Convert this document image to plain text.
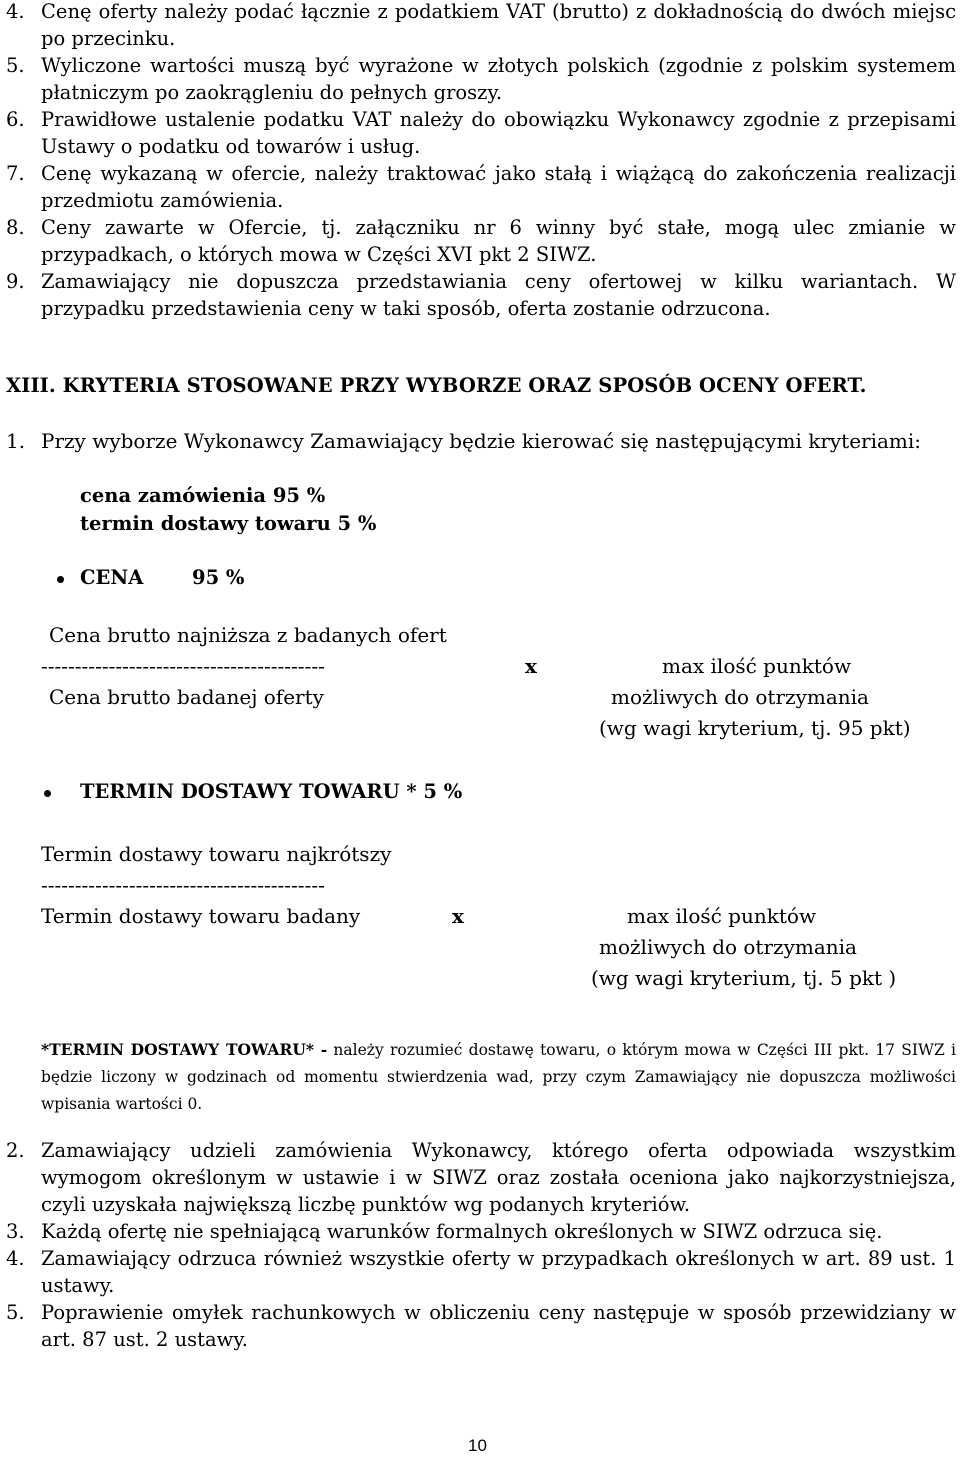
4. Cenę oferty należy podać łącznie z podatkiem VAT (brutto) z dokładnością do dwóch miejsc po przecinku.
5. Wyliczone wartości muszą być wyrażone w złotych polskich (zgodnie z polskim systemem płatniczym po zaokrągleniu do pełnych groszy.
6. Prawidłowe ustalenie podatku VAT należy do obowiązku Wykonawcy zgodnie z przepisami Ustawy o podatku od towarów i usług.
7. Cenę wykazaną w ofercie, należy traktować jako stałą i wiążącą do zakończenia realizacji przedmiotu zamówienia.
8. Ceny zawarte w Ofercie, tj. załączniku nr 6 winny być stałe, mogą ulec zmianie w przypadkach, o których mowa w Części XVI pkt 2 SIWZ.
9. Zamawiający nie dopuszcza przedstawiania ceny ofertowej w kilku wariantach. W przypadku przedstawienia ceny w taki sposób, oferta zostanie odrzucona.
XIII. KRYTERIA STOSOWANE PRZY WYBORZE ORAZ SPOSÓB OCENY OFERT.
1. Przy wyborze Wykonawcy Zamawiający będzie kierować się następującymi kryteriami:
cena zamówienia 95 %
termin dostawy towaru 5 %
CENA 95 %
Cena brutto najniższa z badanych ofert
------------------------------------------	x	max ilość punktów
Cena brutto badanej oferty	możliwych do otrzymania
(wg wagi kryterium, tj. 95 pkt)
TERMIN DOSTAWY TOWARU * 5 %
Termin dostawy towaru najkrótszy
------------------------------------------
Termin dostawy towaru badany	x	max ilość punktów
możliwych do otrzymania
(wg wagi kryterium, tj. 5 pkt )
*TERMIN DOSTAWY TOWARU* - należy rozumieć dostawę towaru, o którym mowa w Części III pkt. 17 SIWZ i będzie liczony w godzinach od momentu stwierdzenia wad, przy czym Zamawiający nie dopuszcza możliwości wpisania wartości 0.
2. Zamawiający udzieli zamówienia Wykonawcy, którego oferta odpowiada wszystkim wymogom określonym w ustawie i w SIWZ oraz została oceniona jako najkorzystniejsza, czyli uzyskała największą liczbę punktów wg podanych kryteriów.
3. Każdą ofertę nie spełniającą warunków formalnych określonych w SIWZ odrzuca się.
4. Zamawiający odrzuca również wszystkie oferty w przypadkach określonych w art. 89 ust. 1 ustawy.
5. Poprawienie omyłek rachunkowych w obliczeniu ceny następuje w sposób przewidziany w art. 87 ust. 2 ustawy.
10
